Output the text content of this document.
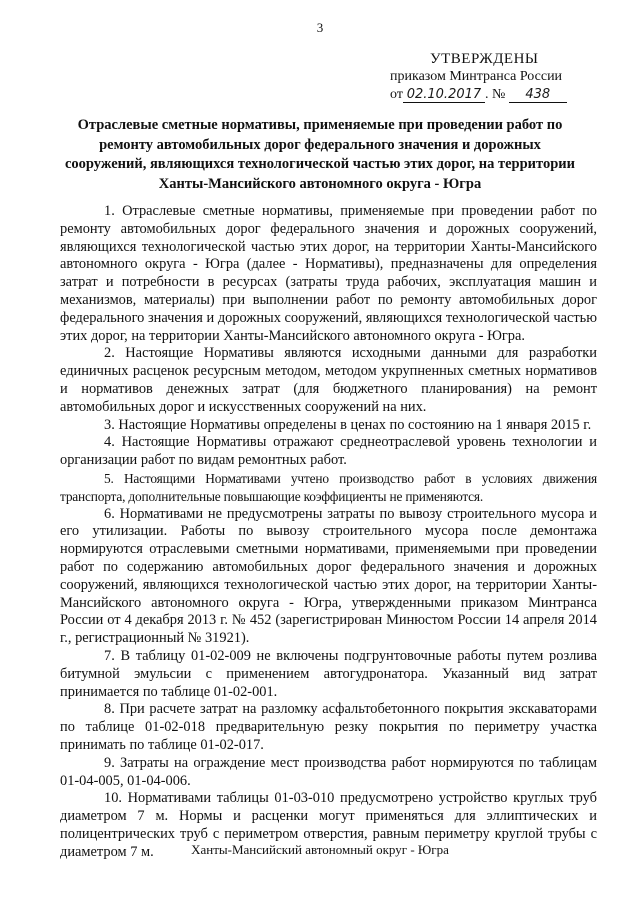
3
УТВЕРЖДЕНЫ
приказом Минтранса России
от 02.10.2017 . № 438
Отраслевые сметные нормативы, применяемые при проведении работ по ремонту автомобильных дорог федерального значения и дорожных сооружений, являющихся технологической частью этих дорог, на территории Ханты-Мансийского автономного округа - Югра

1. Отраслевые сметные нормативы, применяемые при проведении работ по ремонту автомобильных дорог федерального значения и дорожных сооружений, являющихся технологической частью этих дорог, на территории Ханты-Мансийского автономного округа - Югра (далее - Нормативы), предназначены для определения затрат и потребности в ресурсах (затраты труда рабочих, эксплуатация машин и механизмов, материалы) при выполнении работ по ремонту автомобильных дорог федерального значения и дорожных сооружений, являющихся технологической частью этих дорог, на территории Ханты-Мансийского автономного округа - Югра.

2. Настоящие Нормативы являются исходными данными для разработки единичных расценок ресурсным методом, методом укрупненных сметных нормативов и нормативов денежных затрат (для бюджетного планирования) на ремонт автомобильных дорог и искусственных сооружений на них.

3. Настоящие Нормативы определены в ценах по состоянию на 1 января 2015 г.

4. Настоящие Нормативы отражают среднеотраслевой уровень технологии и организации работ по видам ремонтных работ.

5. Настоящими Нормативами учтено производство работ в условиях движения транспорта, дополнительные повышающие коэффициенты не применяются.

6. Нормативами не предусмотрены затраты по вывозу строительного мусора и его утилизации. Работы по вывозу строительного мусора после демонтажа нормируются отраслевыми сметными нормативами, применяемыми при проведении работ по содержанию автомобильных дорог федерального значения и дорожных сооружений, являющихся технологической частью этих дорог, на территории Ханты-Мансийского автономного округа - Югра, утвержденными приказом Минтранса России от 4 декабря 2013 г. № 452 (зарегистрирован Минюстом России 14 апреля 2014 г., регистрационный № 31921).

7. В таблицу 01-02-009 не включены подгрунтовочные работы путем розлива битумной эмульсии с применением автогудронатора. Указанный вид затрат принимается по таблице 01-02-001.

8. При расчете затрат на разломку асфальтобетонного покрытия экскаваторами по таблице 01-02-018 предварительную резку покрытия по периметру участка принимать по таблице 01-02-017.

9. Затраты на ограждение мест производства работ нормируются по таблицам 01-04-005, 01-04-006.

10. Нормативами таблицы 01-03-010 предусмотрено устройство круглых труб диаметром 7 м. Нормы и расценки могут применяться для эллиптических и полицентрических труб с периметром отверстия, равным периметру круглой трубы с диаметром 7 м.	Ханты-Мансийский автономный округ - Югра
